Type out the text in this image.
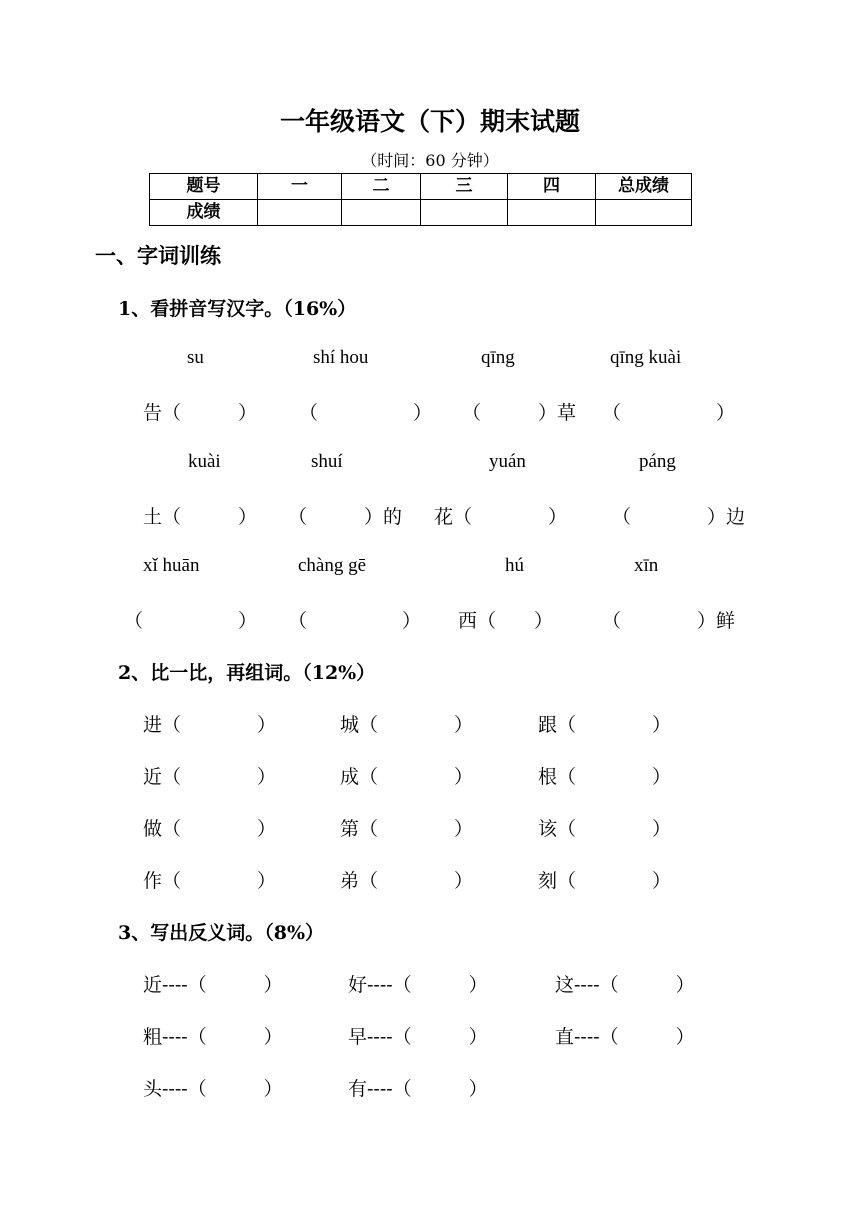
一年级语文（下）期末试题
（时间：60 分钟）
题号	一	二	三	四	总成绩
成绩					
一、字词训练
1、看拼音写汉字。（16%）
su	shí hou	qīng	qīng kuài
告（　　　） （　　　　　） （　　　）草 （　　　　　）
kuài	shuí	yuán	páng
土（　　　） （　　　）的 花（　　　　） （　　　　）边
xǐ huān	chàng gē	hú	xīn
（　　　　　） （　　　　　） 西（　　）	（　　　　）鲜
2、比一比，再组词。（12%）
进（　　　　）	城（　　　　）	跟（　　　　）
近（　　　　）	成（　　　　）	根（　　　　）
做（　　　　）	第（　　　　）	该（　　　　）
作（　　　　）	弟（　　　　）	刻（　　　　）
3、写出反义词。（8%）
近----（　　　）	好----（　　　）	这----（　　　）
粗----（　　　）	早----（　　　）	直----（　　　）
头----（　　　）	有----（　　　）
